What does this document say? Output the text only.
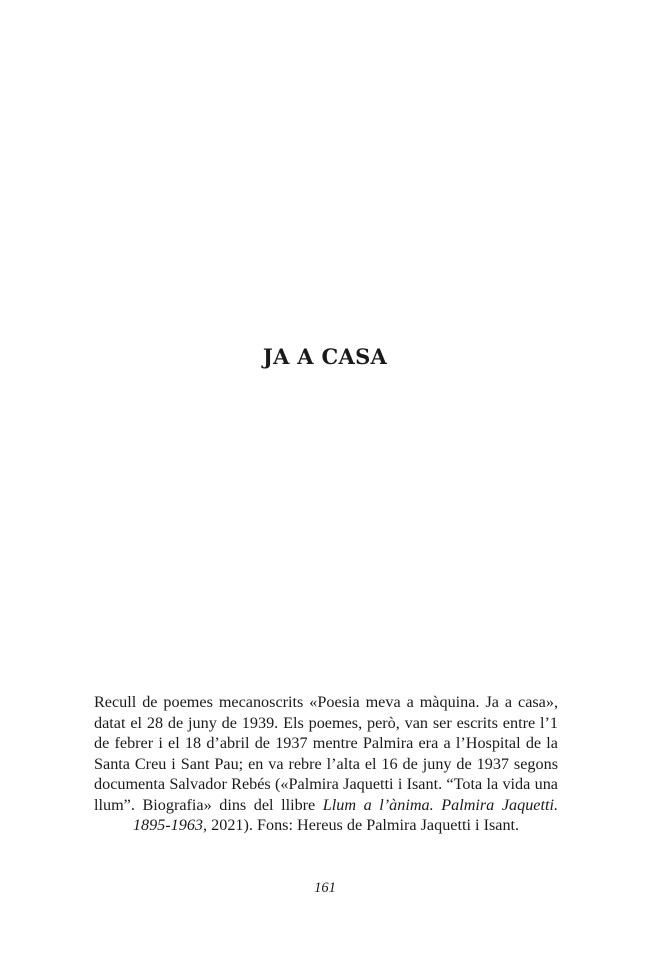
JA A CASA

Recull de poemes mecanoscrits «Poesia meva a màquina. Ja a casa», datat el 28 de juny de 1939. Els poemes, però, van ser escrits entre l’1 de febrer i el 18 d’abril de 1937 mentre Palmira era a l’Hospital de la Santa Creu i Sant Pau; en va rebre l’alta el 16 de juny de 1937 segons documenta Salvador Rebés («Palmira Jaquetti i Isant. “Tota la vida una llum”. Biografia» dins del llibre Llum a l’ànima. Palmira Jaquetti. 1895-1963, 2021). Fons: Hereus de Palmira Jaquetti i Isant.

161
